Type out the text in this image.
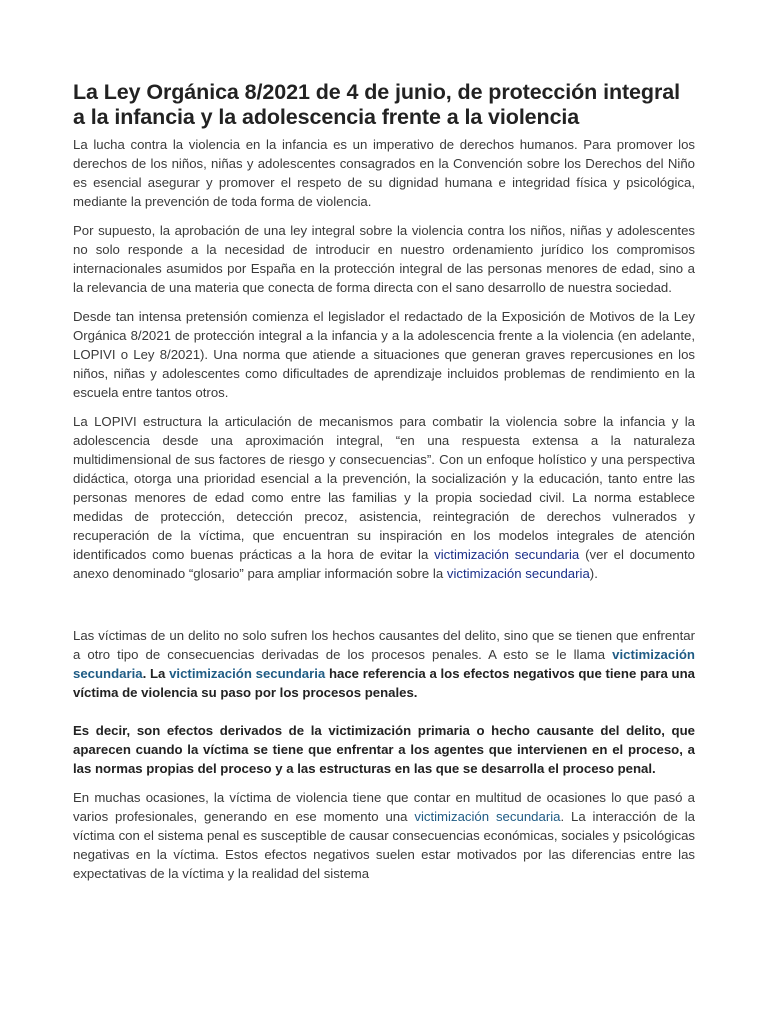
La Ley Orgánica 8/2021 de 4 de junio, de protección integral a la infancia y la adolescencia frente a la violencia

La lucha contra la violencia en la infancia es un imperativo de derechos humanos. Para promover los derechos de los niños, niñas y adolescentes consagrados en la Convención sobre los Derechos del Niño es esencial asegurar y promover el respeto de su dignidad humana e integridad física y psicológica, mediante la prevención de toda forma de violencia.

Por supuesto, la aprobación de una ley integral sobre la violencia contra los niños, niñas y adolescentes no solo responde a la necesidad de introducir en nuestro ordenamiento jurídico los compromisos internacionales asumidos por España en la protección integral de las personas menores de edad, sino a la relevancia de una materia que conecta de forma directa con el sano desarrollo de nuestra sociedad.

Desde tan intensa pretensión comienza el legislador el redactado de la Exposición de Motivos de la Ley Orgánica 8/2021 de protección integral a la infancia y a la adolescencia frente a la violencia (en adelante, LOPIVI o Ley 8/2021). Una norma que atiende a situaciones que generan graves repercusiones en los niños, niñas y adolescentes como dificultades de aprendizaje incluidos problemas de rendimiento en la escuela entre tantos otros.

La LOPIVI estructura la articulación de mecanismos para combatir la violencia sobre la infancia y la adolescencia desde una aproximación integral, “en una respuesta extensa a la naturaleza multidimensional de sus factores de riesgo y consecuencias”. Con un enfoque holístico y una perspectiva didáctica, otorga una prioridad esencial a la prevención, la socialización y la educación, tanto entre las personas menores de edad como entre las familias y la propia sociedad civil. La norma establece medidas de protección, detección precoz, asistencia, reintegración de derechos vulnerados y recuperación de la víctima, que encuentran su inspiración en los modelos integrales de atención identificados como buenas prácticas a la hora de evitar la victimización secundaria (ver el documento anexo denominado “glosario” para ampliar información sobre la victimización secundaria).

Las víctimas de un delito no solo sufren los hechos causantes del delito, sino que se tienen que enfrentar a otro tipo de consecuencias derivadas de los procesos penales. A esto se le llama victimización secundaria. La victimización secundaria hace referencia a los efectos negativos que tiene para una víctima de violencia su paso por los procesos penales.

Es decir, son efectos derivados de la victimización primaria o hecho causante del delito, que aparecen cuando la víctima se tiene que enfrentar a los agentes que intervienen en el proceso, a las normas propias del proceso y a las estructuras en las que se desarrolla el proceso penal.

En muchas ocasiones, la víctima de violencia tiene que contar en multitud de ocasiones lo que pasó a varios profesionales, generando en ese momento una victimización secundaria. La interacción de la víctima con el sistema penal es susceptible de causar consecuencias económicas, sociales y psicológicas negativas en la víctima. Estos efectos negativos suelen estar motivados por las diferencias entre las expectativas de la víctima y la realidad del sistema
